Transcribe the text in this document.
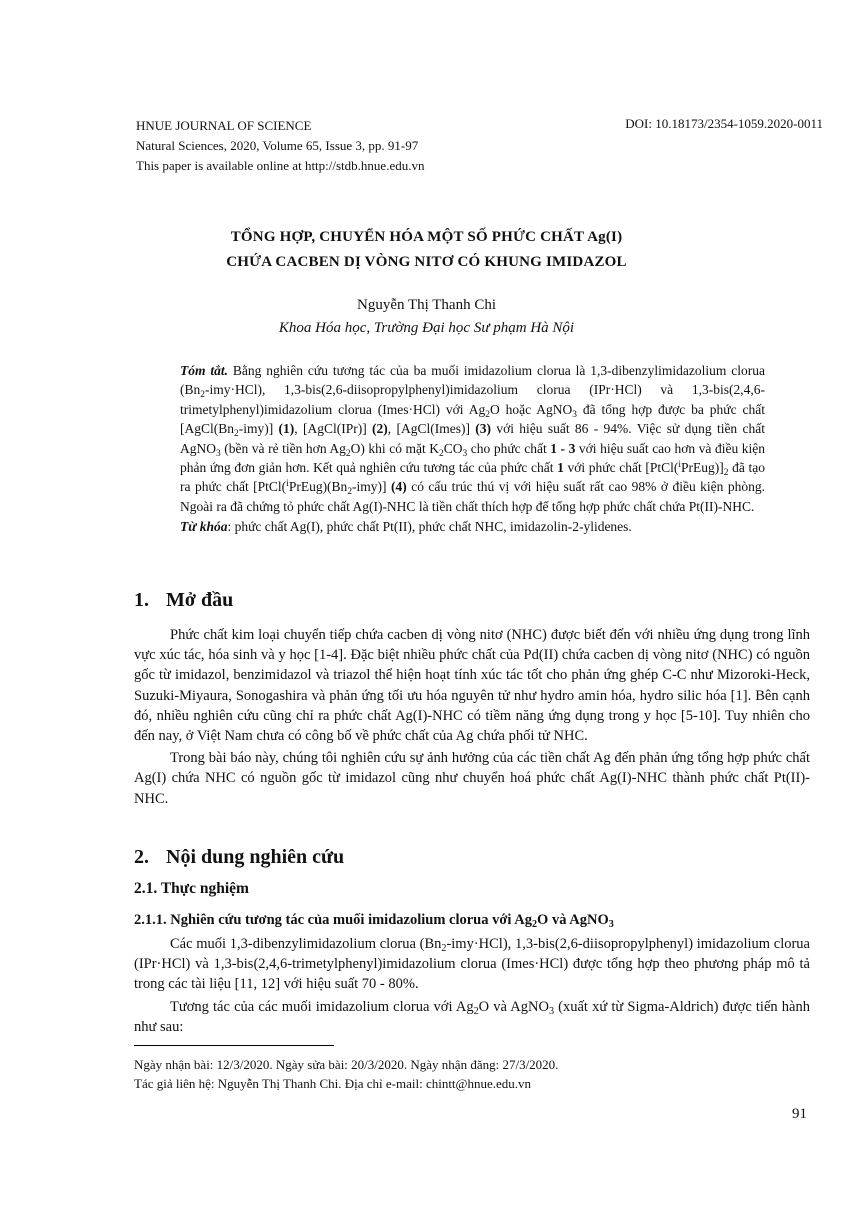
HNUE JOURNAL OF SCIENCE
Natural Sciences, 2020, Volume 65, Issue 3, pp. 91-97
This paper is available online at http://stdb.hnue.edu.vn
DOI: 10.18173/2354-1059.2020-0011
TỔNG HỢP, CHUYỂN HÓA MỘT SỐ PHỨC CHẤT Ag(I)
CHỨA CACBEN DỊ VÒNG NITƠ CÓ KHUNG IMIDAZOL
Nguyễn Thị Thanh Chi
Khoa Hóa học, Trường Đại học Sư phạm Hà Nội

Tóm tắt. Bằng nghiên cứu tương tác của ba muối imidazolium clorua là 1,3-dibenzylimidazolium clorua $(Bn_2-imy\cdot HCl)$, 1,3-bis(2,6-diisopropylphenyl)imidazolium clorua (IPr·HCl) và 1,3-bis(2,4,6-trimetylphenyl)imidazolium clorua (Imes·HCl) với $Ag_2O$ hoặc AgNO$_3$ đã tổng hợp được ba phức chất $[AgCl(Bn_2-imy)]$ (1), [AgCl(IPr)] (2), [AgCl(Imes)] (3) với hiệu suất 86 - 94%. Việc sử dụng tiền chất AgNO$_3$ (bền và rẻ tiền hơn $Ag_2O$) khi có mặt $K_2CO_3$ cho phức chất 1 - 3 với hiệu suất cao hơn và điều kiện phản ứng đơn giản hơn. Kết quả nghiên cứu tương tác của phức chất 1 với phức chất $[PtCl(^iPrEug)]_2$ đã tạo ra phức chất $[PtCl(^iPrEug)(Bn_2-imy)]$ (4) có cấu trúc thú vị với hiệu suất rất cao 98% ở điều kiện phòng. Ngoài ra đã chứng tỏ phức chất Ag(I)-NHC là tiền chất thích hợp để tổng hợp phức chất chứa Pt(II)-NHC.

Từ khóa: phức chất Ag(I), phức chất Pt(II), phức chất NHC, imidazolin-2-ylidenes.

1. Mở đầu

Phức chất kim loại chuyển tiếp chứa cacben dị vòng nitơ (NHC) được biết đến với nhiều ứng dụng trong lĩnh vực xúc tác, hóa sinh và y học [1-4]. Đặc biệt nhiều phức chất của Pd(II) chứa cacben dị vòng nitơ (NHC) có nguồn gốc từ imidazol, benzimidazol và triazol thể hiện hoạt tính xúc tác tốt cho phản ứng ghép C-C như Mizoroki-Heck, Suzuki-Miyaura, Sonogashira và phản ứng tối ưu hóa nguyên tử như hydro amin hóa, hydro silic hóa [1]. Bên cạnh đó, nhiều nghiên cứu cũng chỉ ra phức chất Ag(I)-NHC có tiềm năng ứng dụng trong y học [5-10]. Tuy nhiên cho đến nay, ở Việt Nam chưa có công bố về phức chất của Ag chứa phối tử NHC.

Trong bài báo này, chúng tôi nghiên cứu sự ảnh hưởng của các tiền chất Ag đến phản ứng tổng hợp phức chất Ag(I) chứa NHC có nguồn gốc từ imidazol cũng như chuyển hoá phức chất Ag(I)-NHC thành phức chất Pt(II)-NHC.

2. Nội dung nghiên cứu
2.1. Thực nghiệm
2.1.1. Nghiên cứu tương tác của muối imidazolium clorua với $Ag_2O$ và AgNO$_3$

Các muối 1,3-dibenzylimidazolium clorua $(Bn_2-imy\cdot HCl)$, 1,3-bis(2,6-diisopropylphenyl) imidazolium clorua (IPr·HCl) và 1,3-bis(2,4,6-trimetylphenyl)imidazolium clorua (Imes·HCl) được tổng hợp theo phương pháp mô tả trong các tài liệu [11, 12] với hiệu suất 70 - 80%.

Tương tác của các muối imidazolium clorua với $Ag_2O$ và AgNO$_3$ (xuất xứ từ Sigma-Aldrich) được tiến hành như sau:

Ngày nhận bài: 12/3/2020. Ngày sửa bài: 20/3/2020. Ngày nhận đăng: 27/3/2020.
Tác giả liên hệ: Nguyễn Thị Thanh Chi. Địa chỉ e-mail: chintt@hnue.edu.vn
91
